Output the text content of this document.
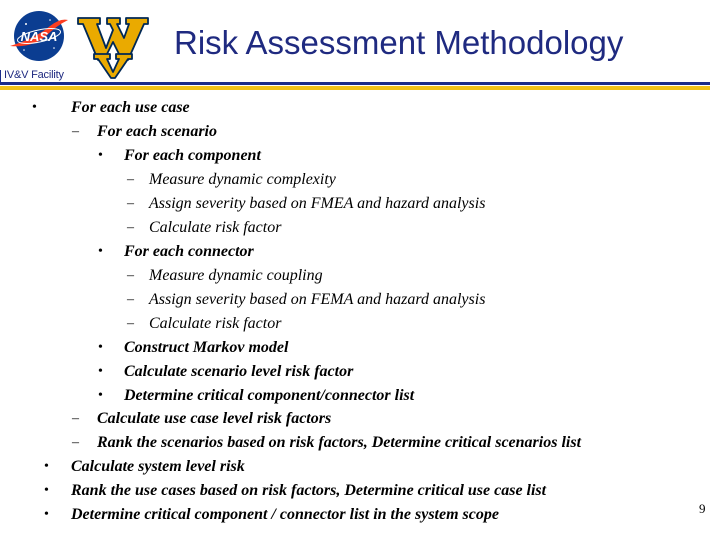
NASA
IV&V Facility
Risk Assessment Methodology
• For each use case
– For each scenario
• For each component
– Measure dynamic complexity
– Assign severity based on FMEA and hazard analysis
– Calculate risk factor
• For each connector
– Measure dynamic coupling
– Assign severity based on FEMA and hazard analysis
– Calculate risk factor
• Construct Markov model
• Calculate scenario level risk factor
• Determine critical component/connector list
– Calculate use case level risk factors
– Rank the scenarios based on risk factors, Determine critical scenarios list
• Calculate system level risk
• Rank the use cases based on risk factors, Determine critical use case list
• Determine critical component / connector list in the system scope	9
